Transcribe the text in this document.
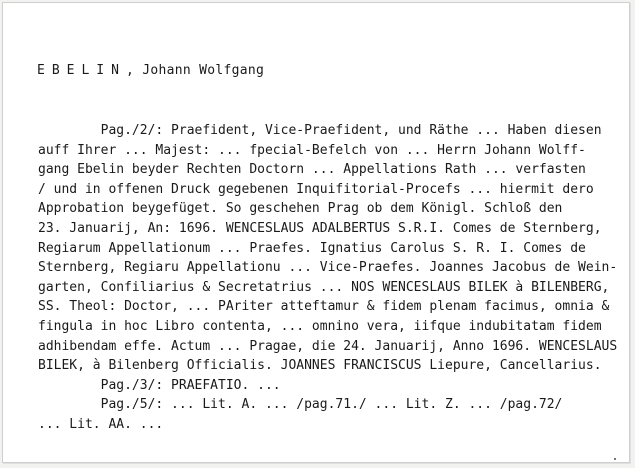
EBELIN, Johann Wolfgang
Pag./2/: Praefident, Vice-Praefident, und Räthe ... Haben diesen
auff Ihrer ... Majest: ... fpecial-Befelch von ... Herrn Johann Wolff-
gang Ebelin beyder Rechten Doctorn ... Appellations Rath ... verfasten
/ und in offenen Druck gegebenen Inquifitorial-Procefs ... hiermit dero
Approbation beygefüget. So geschehen Prag ob dem Königl. Schloß den
23. Januarij, An: 1696. WENCESLAUS ADALBERTUS S.R.I. Comes de Sternberg,
Regiarum Appellationum ... Praefes. Ignatius Carolus S. R. I. Comes de
Sternberg, Regiaru Appellationu ... Vice-Praefes. Joannes Jacobus de Wein-
garten, Confiliarius & Secretatrius ... NOS WENCESLAUS BILEK à BILENBERG,
SS. Theol: Doctor, ... PAriter atteftamur & fidem plenam facimus, omnia &
fingula in hoc Libro contenta, ... omnino vera, iifque indubitatam fidem
adhibendam effe. Actum ... Pragae, die 24. Januarij, Anno 1696. WENCESLAUS
BILEK, à Bilenberg Officialis. JOANNES FRANCISCUS Liepure, Cancellarius.
Pag./3/: PRAEFATIO. ...
Pag./5/: ... Lit. A. ... /pag.71./ ... Lit. Z. ... /pag.72/
... Lit. AA. ...
